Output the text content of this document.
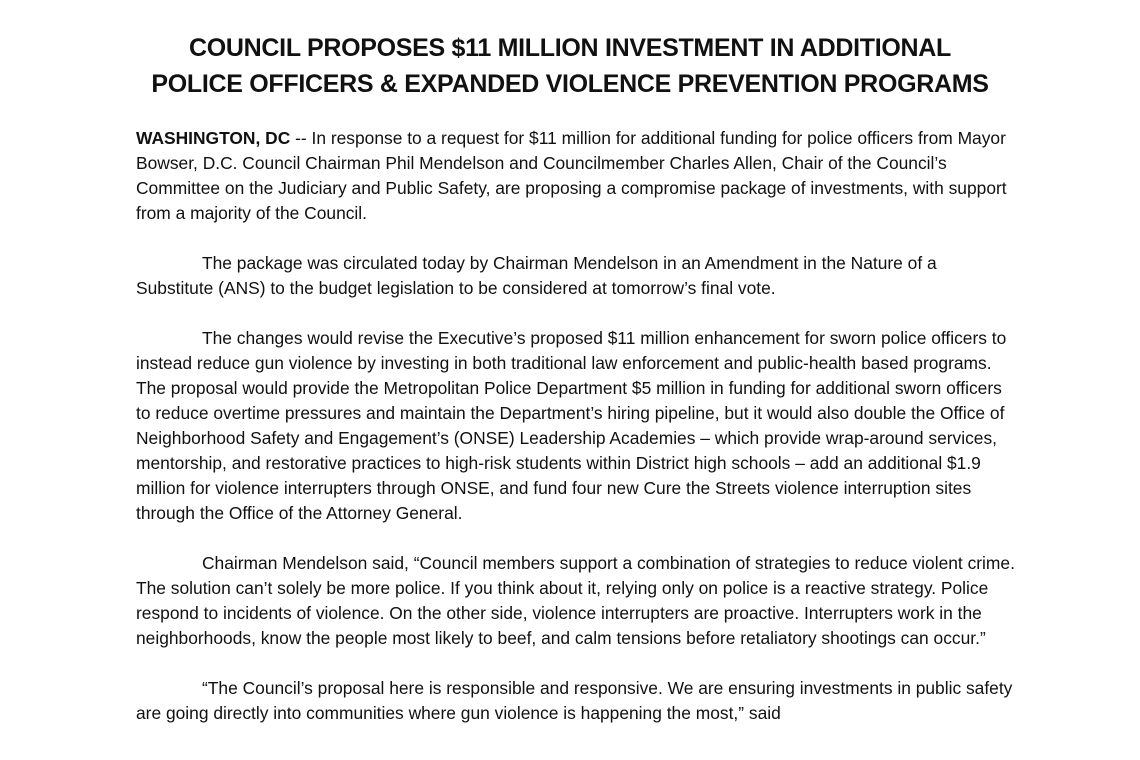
COUNCIL PROPOSES $11 MILLION INVESTMENT IN ADDITIONAL
POLICE OFFICERS & EXPANDED VIOLENCE PREVENTION PROGRAMS

WASHINGTON, DC -- In response to a request for $11 million for additional funding for police officers from Mayor Bowser, D.C. Council Chairman Phil Mendelson and Councilmember Charles Allen, Chair of the Council’s Committee on the Judiciary and Public Safety, are proposing a compromise package of investments, with support from a majority of the Council.

The package was circulated today by Chairman Mendelson in an Amendment in the Nature of a Substitute (ANS) to the budget legislation to be considered at tomorrow’s final vote.

The changes would revise the Executive’s proposed $11 million enhancement for sworn police officers to instead reduce gun violence by investing in both traditional law enforcement and public-health based programs. The proposal would provide the Metropolitan Police Department $5 million in funding for additional sworn officers to reduce overtime pressures and maintain the Department’s hiring pipeline, but it would also double the Office of Neighborhood Safety and Engagement’s (ONSE) Leadership Academies – which provide wrap-around services, mentorship, and restorative practices to high-risk students within District high schools – add an additional $1.9 million for violence interrupters through ONSE, and fund four new Cure the Streets violence interruption sites through the Office of the Attorney General.

Chairman Mendelson said, “Council members support a combination of strategies to reduce violent crime. The solution can’t solely be more police. If you think about it, relying only on police is a reactive strategy. Police respond to incidents of violence. On the other side, violence interrupters are proactive. Interrupters work in the neighborhoods, know the people most likely to beef, and calm tensions before retaliatory shootings can occur.”

“The Council’s proposal here is responsible and responsive. We are ensuring investments in public safety are going directly into communities where gun violence is happening the most,” said
